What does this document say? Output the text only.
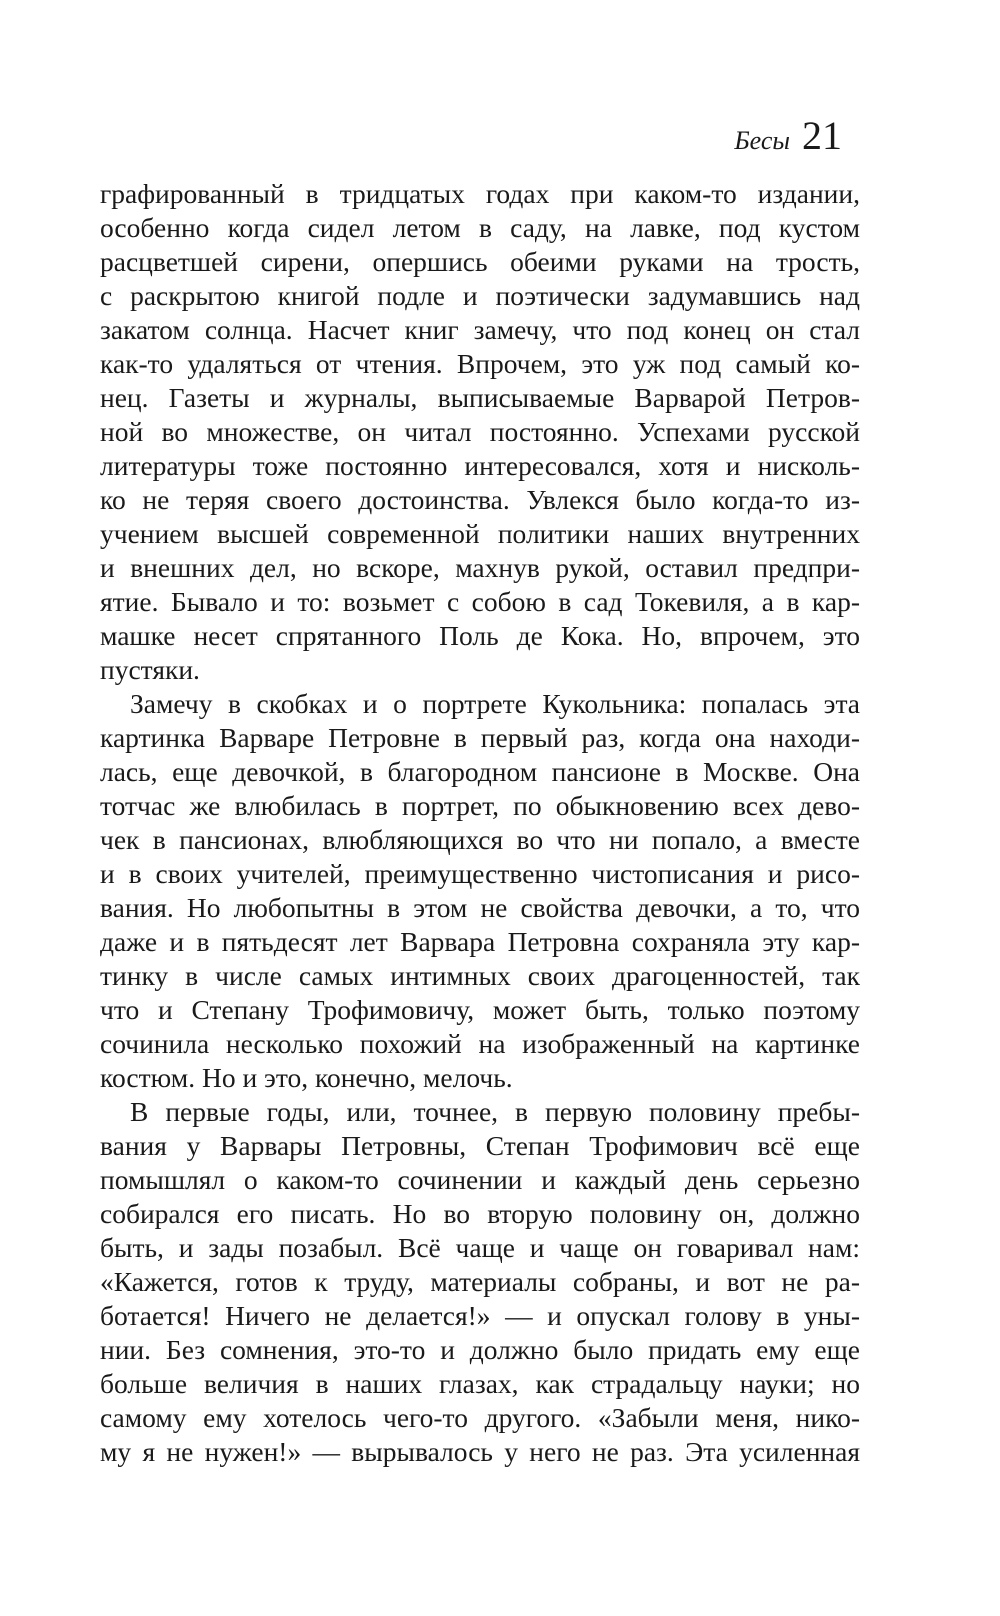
Бесы 21
графированный в тридцатых годах при каком-то издании,
особенно когда сидел летом в саду, на лавке, под кустом
расцветшей сирени, опершись обеими руками на трость,
с раскрытою книгой подле и поэтически задумавшись над
закатом солнца. Насчет книг замечу, что под конец он стал
как-то удаляться от чтения. Впрочем, это уж под самый ко-
нец. Газеты и журналы, выписываемые Варварой Петров-
ной во множестве, он читал постоянно. Успехами русской
литературы тоже постоянно интересовался, хотя и нисколь-
ко не теряя своего достоинства. Увлекся было когда-то из-
учением высшей современной политики наших внутренних
и внешних дел, но вскоре, махнув рукой, оставил предпри-
ятие. Бывало и то: возьмет с собою в сад Токевиля, а в кар-
машке несет спрятанного Поль де Кока. Но, впрочем, это
пустяки.
Замечу в скобках и о портрете Кукольника: попалась эта
картинка Варваре Петровне в первый раз, когда она находи-
лась, еще девочкой, в благородном пансионе в Москве. Она
тотчас же влюбилась в портрет, по обыкновению всех дево-
чек в пансионах, влюбляющихся во что ни попало, а вместе
и в своих учителей, преимущественно чистописания и рисо-
вания. Но любопытны в этом не свойства девочки, а то, что
даже и в пятьдесят лет Варвара Петровна сохраняла эту кар-
тинку в числе самых интимных своих драгоценностей, так
что и Степану Трофимовичу, может быть, только поэтому
сочинила несколько похожий на изображенный на картинке
костюм. Но и это, конечно, мелочь.
В первые годы, или, точнее, в первую половину пребы-
вания у Варвары Петровны, Степан Трофимович всё еще
помышлял о каком-то сочинении и каждый день серьезно
собирался его писать. Но во вторую половину он, должно
быть, и зады позабыл. Всё чаще и чаще он говаривал нам:
«Кажется, готов к труду, материалы собраны, и вот не ра-
ботается! Ничего не делается!» — и опускал голову в уны-
нии. Без сомнения, это-то и должно было придать ему еще
больше величия в наших глазах, как страдальцу науки; но
самому ему хотелось чего-то другого. «Забыли меня, нико-
му я не нужен!» — вырывалось у него не раз. Эта усиленная
